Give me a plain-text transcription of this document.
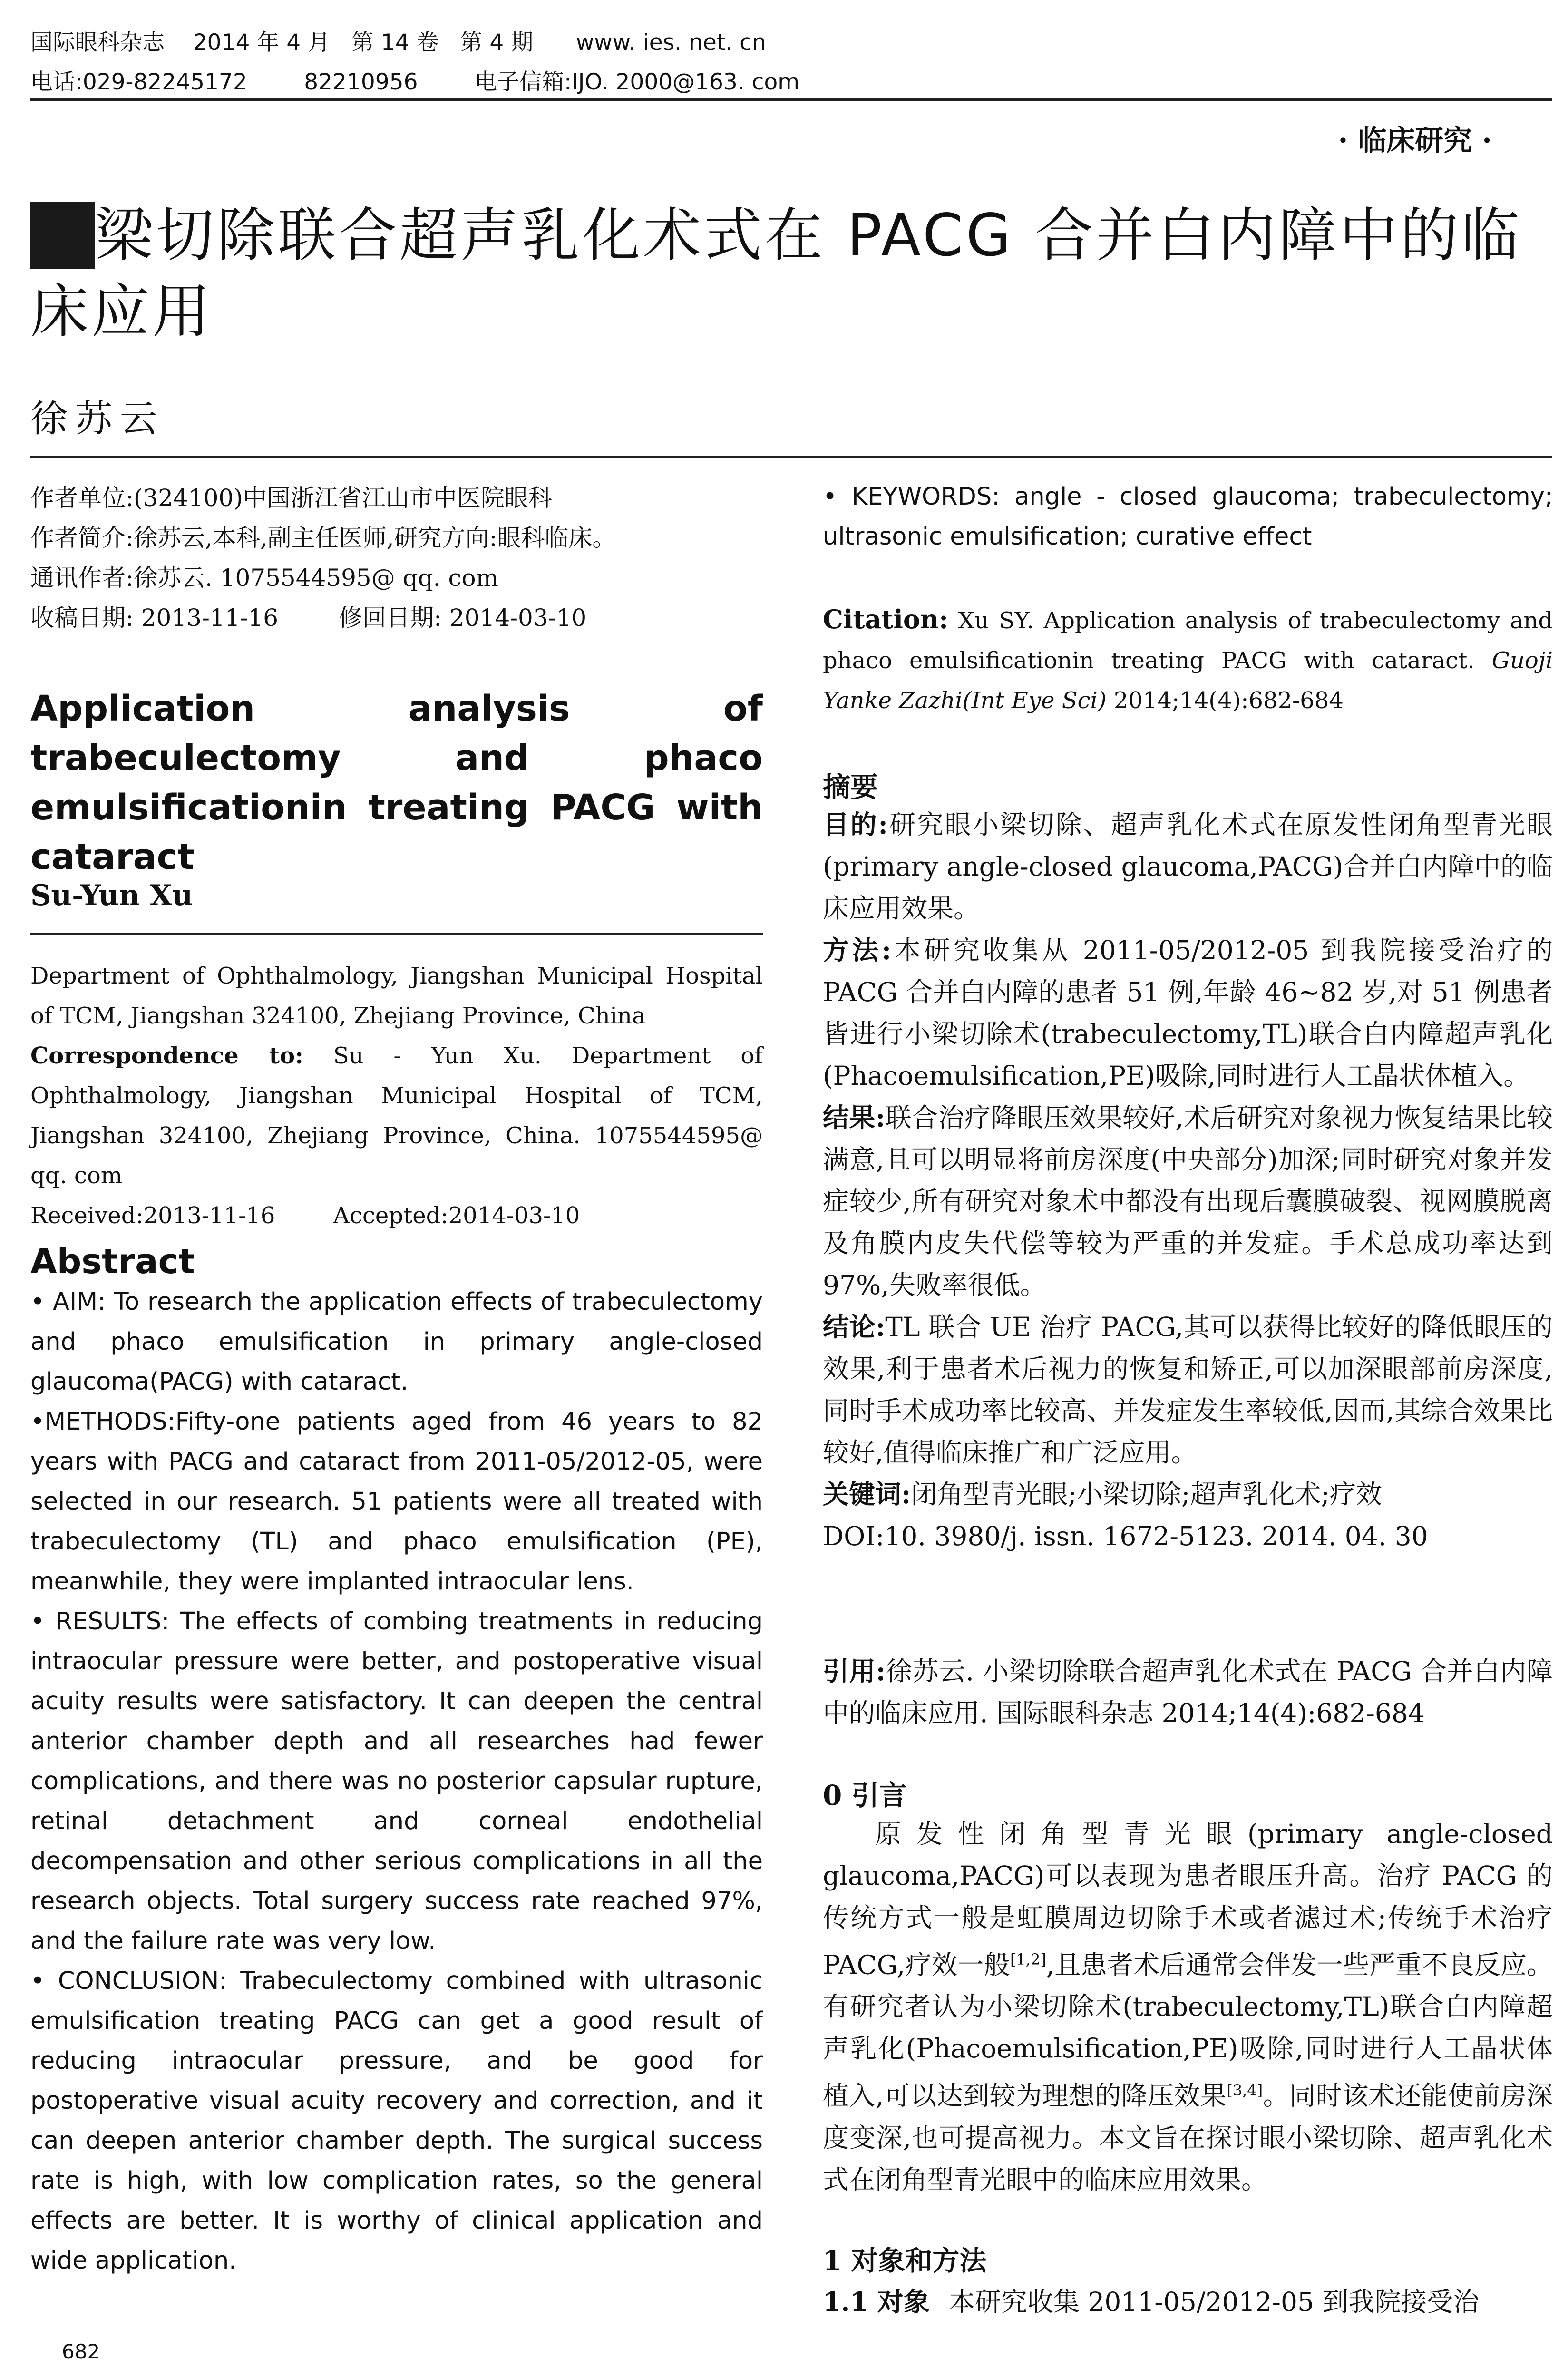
国际眼科杂志    2014 年 4 月   第 14 卷   第 4 期      www. ies. net. cn
电话:029-82245172        82210956        电子信箱:IJO. 2000@163. com
· 临床研究 ·
小梁切除联合超声乳化术式在 PACG 合并白内障中的临床应用
徐苏云
作者单位:(324100)中国浙江省江山市中医院眼科
作者简介:徐苏云,本科,副主任医师,研究方向:眼科临床。
通讯作者:徐苏云. 1075544595@ qq. com
收稿日期: 2013-11-16        修回日期: 2014-03-10
Application analysis of trabeculectomy and phaco emulsificationin treating PACG with cataract
Su-Yun Xu
Department of Ophthalmology, Jiangshan Municipal Hospital of TCM, Jiangshan 324100, Zhejiang Province, China
Correspondence to: Su - Yun Xu. Department of Ophthalmology, Jiangshan Municipal Hospital of TCM, Jiangshan 324100, Zhejiang Province, China. 1075544595@ qq. com
Received:2013-11-16        Accepted:2014-03-10
Abstract

• AIM: To research the application effects of trabeculectomy and phaco emulsification in primary angle-closed glaucoma(PACG) with cataract.

•METHODS:Fifty-one patients aged from 46 years to 82 years with PACG and cataract from 2011-05/2012-05, were selected in our research. 51 patients were all treated with trabeculectomy (TL) and phaco emulsification (PE), meanwhile, they were implanted intraocular lens.

• RESULTS: The effects of combing treatments in reducing intraocular pressure were better, and postoperative visual acuity results were satisfactory. It can deepen the central anterior chamber depth and all researches had fewer complications, and there was no posterior capsular rupture, retinal detachment and corneal endothelial decompensation and other serious complications in all the research objects. Total surgery success rate reached 97%, and the failure rate was very low.

• CONCLUSION: Trabeculectomy combined with ultrasonic emulsification treating PACG can get a good result of reducing intraocular pressure, and be good for postoperative visual acuity recovery and correction, and it can deepen anterior chamber depth. The surgical success rate is high, with low complication rates, so the general effects are better. It is worthy of clinical application and wide application.

682
• KEYWORDS: angle - closed glaucoma; trabeculectomy; ultrasonic emulsification; curative effect
Citation: Xu SY. Application analysis of trabeculectomy and phaco emulsificationin treating PACG with cataract. Guoji Yanke Zazhi(Int Eye Sci) 2014;14(4):682-684
摘要

目的:研究眼小梁切除、超声乳化术式在原发性闭角型青光眼(primary angle-closed glaucoma,PACG)合并白内障中的临床应用效果。

方法:本研究收集从 2011-05/2012-05 到我院接受治疗的 PACG 合并白内障的患者 51 例,年龄 46~82 岁,对 51 例患者皆进行小梁切除术(trabeculectomy,TL)联合白内障超声乳化(Phacoemulsification,PE)吸除,同时进行人工晶状体植入。

结果:联合治疗降眼压效果较好,术后研究对象视力恢复结果比较满意,且可以明显将前房深度(中央部分)加深;同时研究对象并发症较少,所有研究对象术中都没有出现后囊膜破裂、视网膜脱离及角膜内皮失代偿等较为严重的并发症。手术总成功率达到 97%,失败率很低。

结论:TL 联合 UE 治疗 PACG,其可以获得比较好的降低眼压的效果,利于患者术后视力的恢复和矫正,可以加深眼部前房深度,同时手术成功率比较高、并发症发生率较低,因而,其综合效果比较好,值得临床推广和广泛应用。

关键词:闭角型青光眼;小梁切除;超声乳化术;疗效

DOI:10. 3980/j. issn. 1672-5123. 2014. 04. 30

引用:徐苏云. 小梁切除联合超声乳化术式在 PACG 合并白内障中的临床应用. 国际眼科杂志 2014;14(4):682-684
0 引言
原发性闭角型青光眼(primary angle-closed glaucoma,PACG)可以表现为患者眼压升高。治疗 PACG 的传统方式一般是虹膜周边切除手术或者滤过术;传统手术治疗 PACG,疗效一般[1,2],且患者术后通常会伴发一些严重不良反应。有研究者认为小梁切除术(trabeculectomy,TL)联合白内障超声乳化(Phacoemulsification,PE)吸除,同时进行人工晶状体植入,可以达到较为理想的降压效果[3,4]。同时该术还能使前房深度变深,也可提高视力。本文旨在探讨眼小梁切除、超声乳化术式在闭角型青光眼中的临床应用效果。
1 对象和方法
1.1 对象 本研究收集 2011-05/2012-05 到我院接受治
